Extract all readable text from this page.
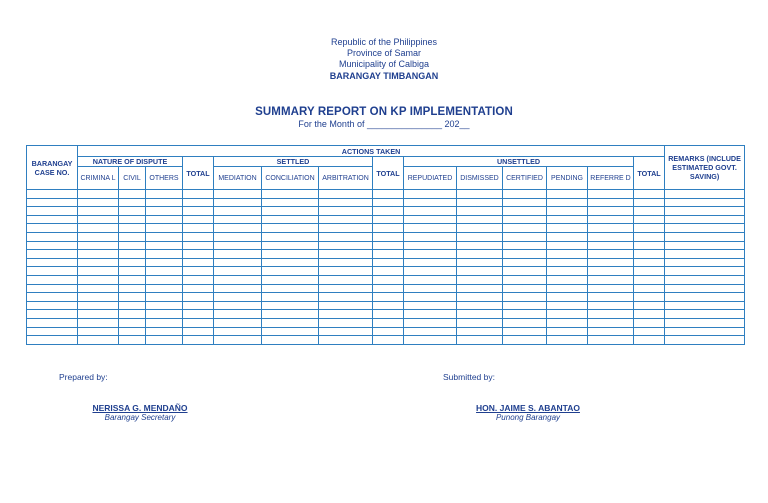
Republic of the Philippines
Province of Samar
Municipality of Calbiga
BARANGAY TIMBANGAN
SUMMARY REPORT ON KP IMPLEMENTATION
For the Month of _______________ 202__
BARANGAY CASE NO.	ACTIONS TAKEN														REMARKS (INCLUDE ESTIMATED GOVT. SAVING)
	NATURE OF DISPUTE			TOTAL	SETTLED			TOTAL	UNSETTLED					TOTAL	
	CRIMINA L	CIVIL	OTHERS		MEDIATION	CONCILIATION	ARBITRATION		REPUDIATED	DISMISSED	CERTIFIED	PENDING	REFERRE D		

Prepared by:
NERISSA G. MENDAÑO
Barangay Secretary
Submitted by:
HON. JAIME S. ABANTAO
Punong Barangay
